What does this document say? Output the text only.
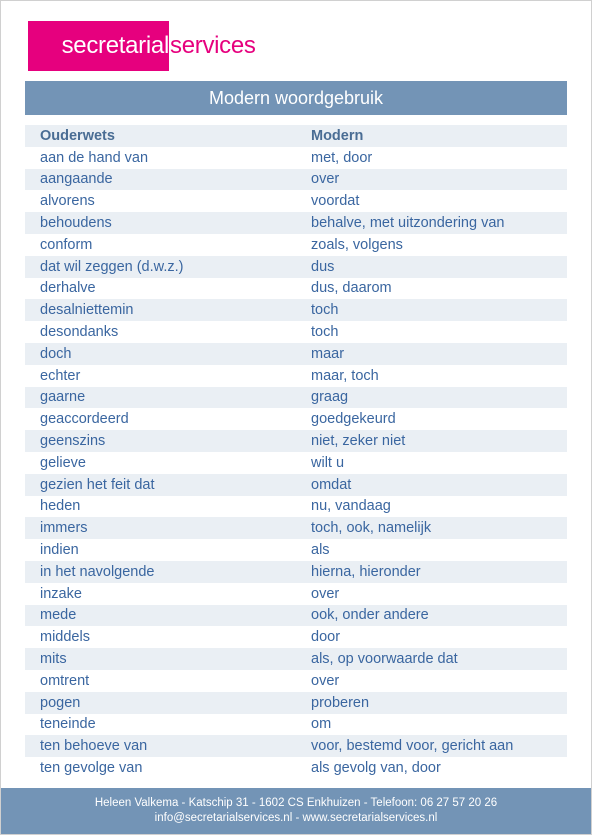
secretarial services
Modern woordgebruik
Ouderwets	Modern
aan de hand van	met, door
aangaande	over
alvorens	voordat
behoudens	behalve, met uitzondering van
conform	zoals, volgens
dat wil zeggen (d.w.z.)	dus
derhalve	dus, daarom
desalniettemin	toch
desondanks	toch
doch	maar
echter	maar, toch
gaarne	graag
geaccordeerd	goedgekeurd
geenszins	niet, zeker niet
gelieve	wilt u
gezien het feit dat	omdat
heden	nu, vandaag
immers	toch, ook, namelijk
indien	als
in het navolgende	hierna, hieronder
inzake	over
mede	ook, onder andere
middels	door
mits	als, op voorwaarde dat
omtrent	over
pogen	proberen
teneinde	om
ten behoeve van	voor, bestemd voor, gericht aan
ten gevolge van	als gevolg van, door
Heleen Valkema - Katschip 31 - 1602 CS Enkhuizen - Telefoon: 06 27 57 20 26
info@secretarialservices.nl - www.secretarialservices.nl
